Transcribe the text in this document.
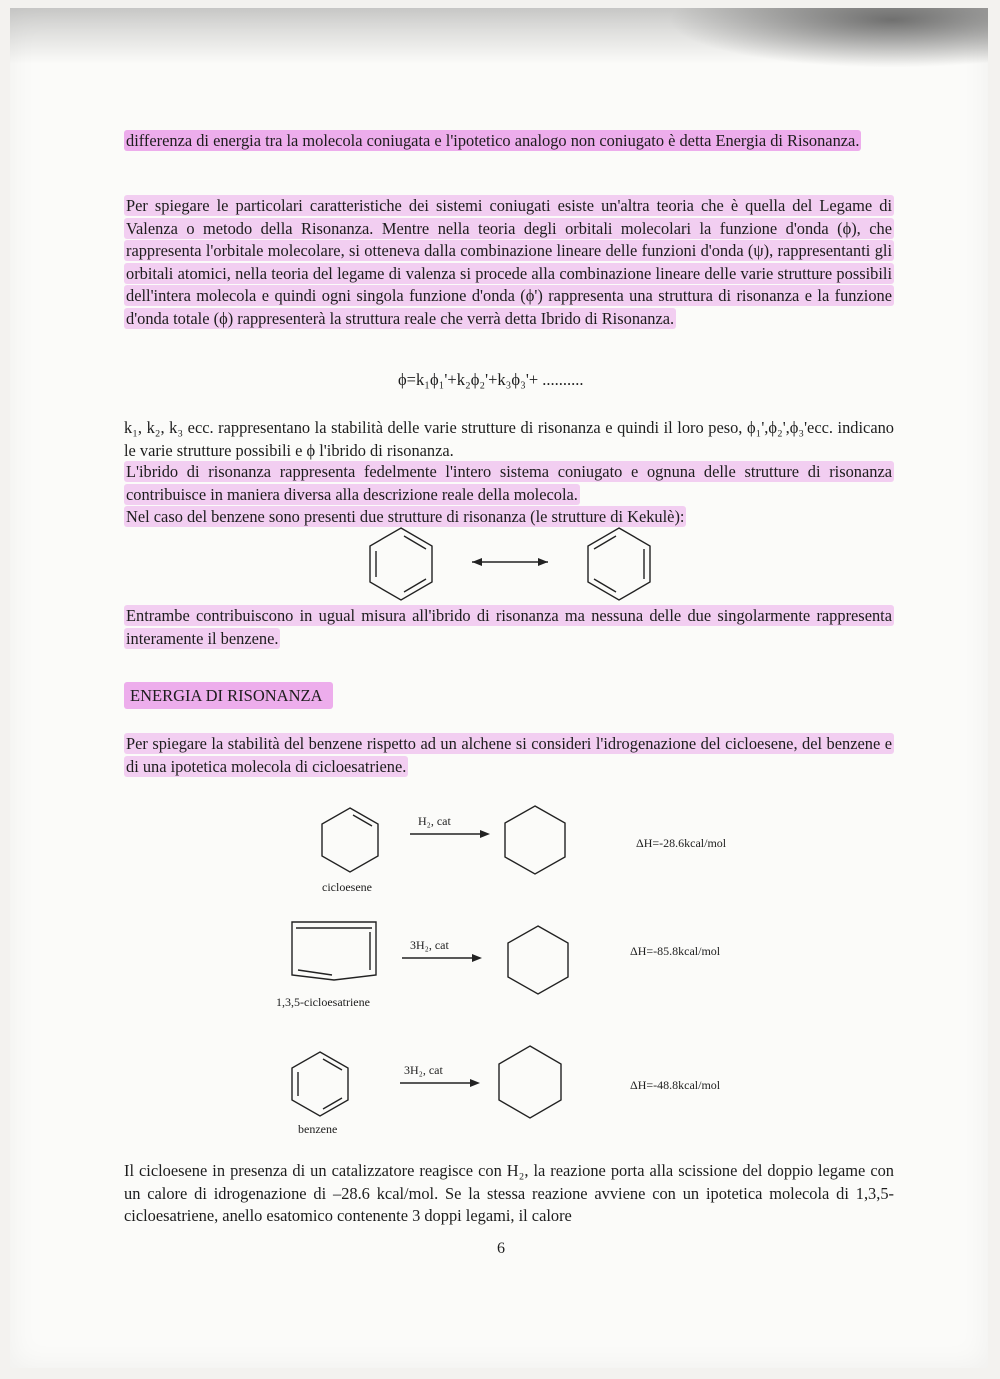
differenza di energia tra la molecola coniugata e l'ipotetico analogo non coniugato è detta Energia di Risonanza.
Per spiegare le particolari caratteristiche dei sistemi coniugati esiste un'altra teoria che è quella del Legame di Valenza o metodo della Risonanza. Mentre nella teoria degli orbitali molecolari la funzione d'onda (ϕ), che rappresenta l'orbitale molecolare, si otteneva dalla combinazione lineare delle funzioni d'onda (ψ), rappresentanti gli orbitali atomici, nella teoria del legame di valenza si procede alla combinazione lineare delle varie strutture possibili dell'intera molecola e quindi ogni singola funzione d'onda (ϕ') rappresenta una struttura di risonanza e la funzione d'onda totale (ϕ) rappresenterà la struttura reale che verrà detta Ibrido di Risonanza.
ϕ=k₁ϕ₁'+k₂ϕ₂'+k₃ϕ₃'+ ..........
k₁, k₂, k₃ ecc. rappresentano la stabilità delle varie strutture di risonanza e quindi il loro peso, ϕ₁',ϕ₂',ϕ₃'ecc. indicano le varie strutture possibili e ϕ l'ibrido di risonanza.
L'ibrido di risonanza rappresenta fedelmente l'intero sistema coniugato e ognuna delle strutture di risonanza contribuisce in maniera diversa alla descrizione reale della molecola.
Nel caso del benzene sono presenti due strutture di risonanza (le strutture di Kekulè):
Entrambe contribuiscono in ugual misura all'ibrido di risonanza ma nessuna delle due singolarmente rappresenta interamente il benzene.
ENERGIA DI RISONANZA
Per spiegare la stabilità del benzene rispetto ad un alchene si consideri l'idrogenazione del cicloesene, del benzene e di una ipotetica molecola di cicloesatriene.
Il cicloesene in presenza di un catalizzatore reagisce con H₂, la reazione porta alla scissione del doppio legame con un calore di idrogenazione di –28.6 kcal/mol. Se la stessa reazione avviene con un ipotetica molecola di 1,3,5-cicloesatriene, anello esatomico contenente 3 doppi legami, il calore
cicloesene
H₂, cat
ΔH=-28.6kcal/mol
1,3,5-cicloesatriene
3H₂, cat	ΔH=-85.8kcal/mol
benzene
3H₂, cat
ΔH=-48.8kcal/mol
6
